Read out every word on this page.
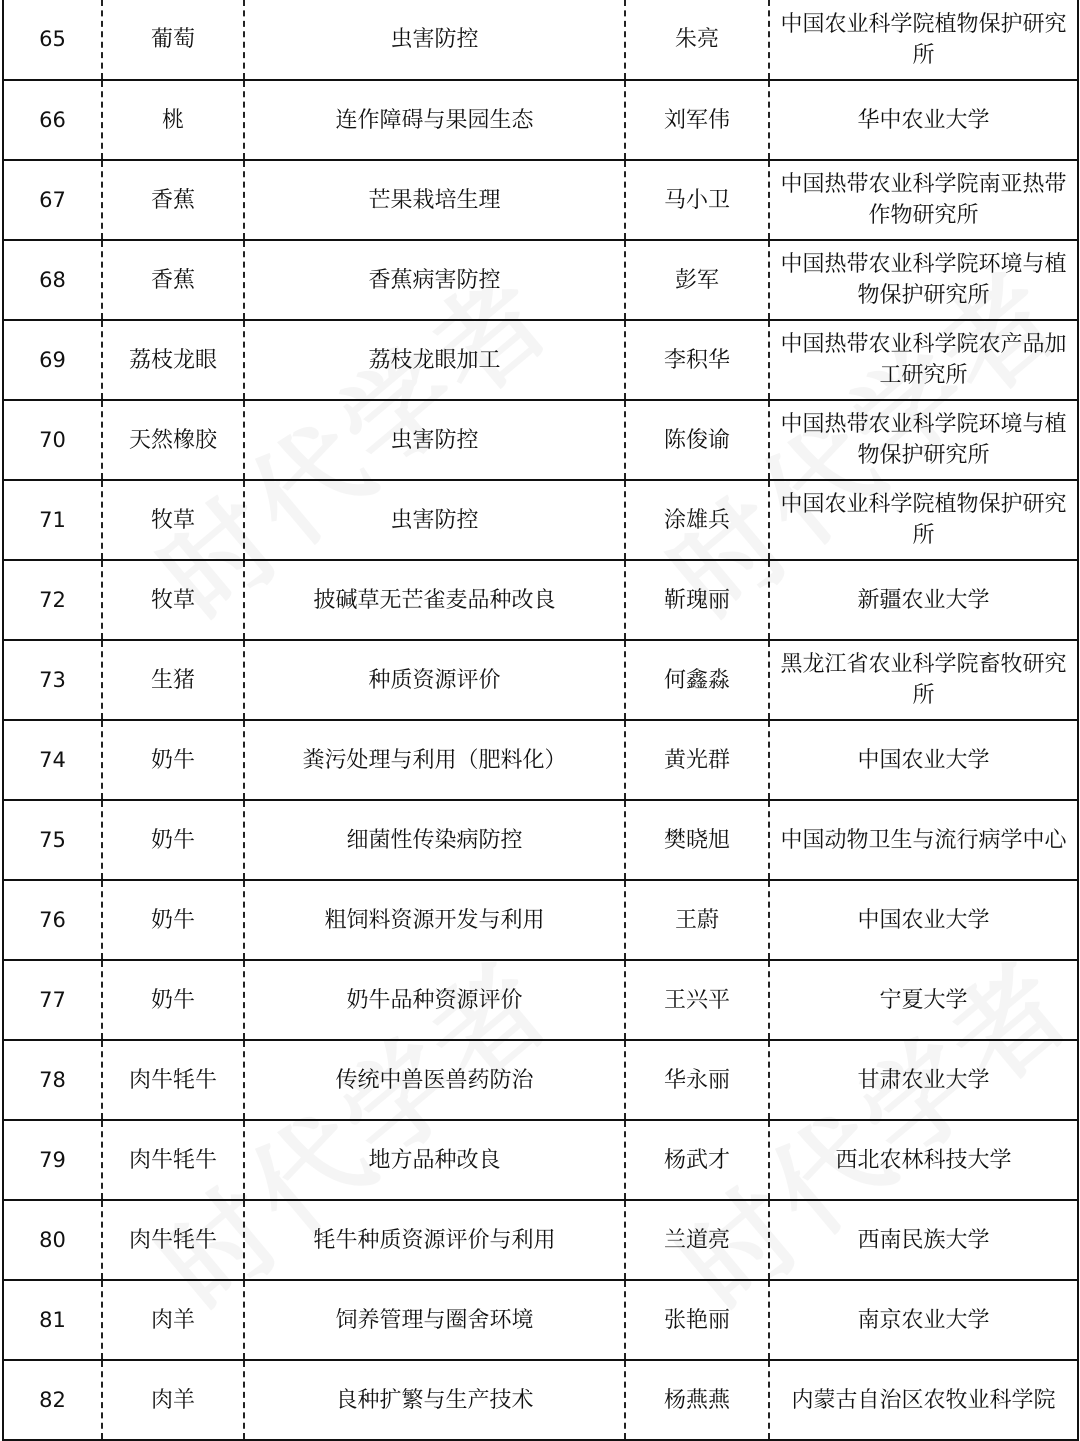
65	葡萄	虫害防控	朱亮	中国农业科学院植物保护研究所
66	桃	连作障碍与果园生态	刘军伟	华中农业大学
67	香蕉	芒果栽培生理	马小卫	中国热带农业科学院南亚热带作物研究所
68	香蕉	香蕉病害防控	彭军	中国热带农业科学院环境与植物保护研究所
69	荔枝龙眼	荔枝龙眼加工	李积华	中国热带农业科学院农产品加工研究所
70	天然橡胶	虫害防控	陈俊谕	中国热带农业科学院环境与植物保护研究所
71	牧草	虫害防控	涂雄兵	中国农业科学院植物保护研究所
72	牧草	披碱草无芒雀麦品种改良	靳瑰丽	新疆农业大学
73	生猪	种质资源评价	何鑫淼	黑龙江省农业科学院畜牧研究所
74	奶牛	粪污处理与利用（肥料化）	黄光群	中国农业大学
75	奶牛	细菌性传染病防控	樊晓旭	中国动物卫生与流行病学中心
76	奶牛	粗饲料资源开发与利用	王蔚	中国农业大学
77	奶牛	奶牛品种资源评价	王兴平	宁夏大学
78	肉牛牦牛	传统中兽医兽药防治	华永丽	甘肃农业大学
79	肉牛牦牛	地方品种改良	杨武才	西北农林科技大学
80	肉牛牦牛	牦牛种质资源评价与利用	兰道亮	西南民族大学
81	肉羊	饲养管理与圈舍环境	张艳丽	南京农业大学
82	肉羊	良种扩繁与生产技术	杨燕燕	内蒙古自治区农牧业科学院
